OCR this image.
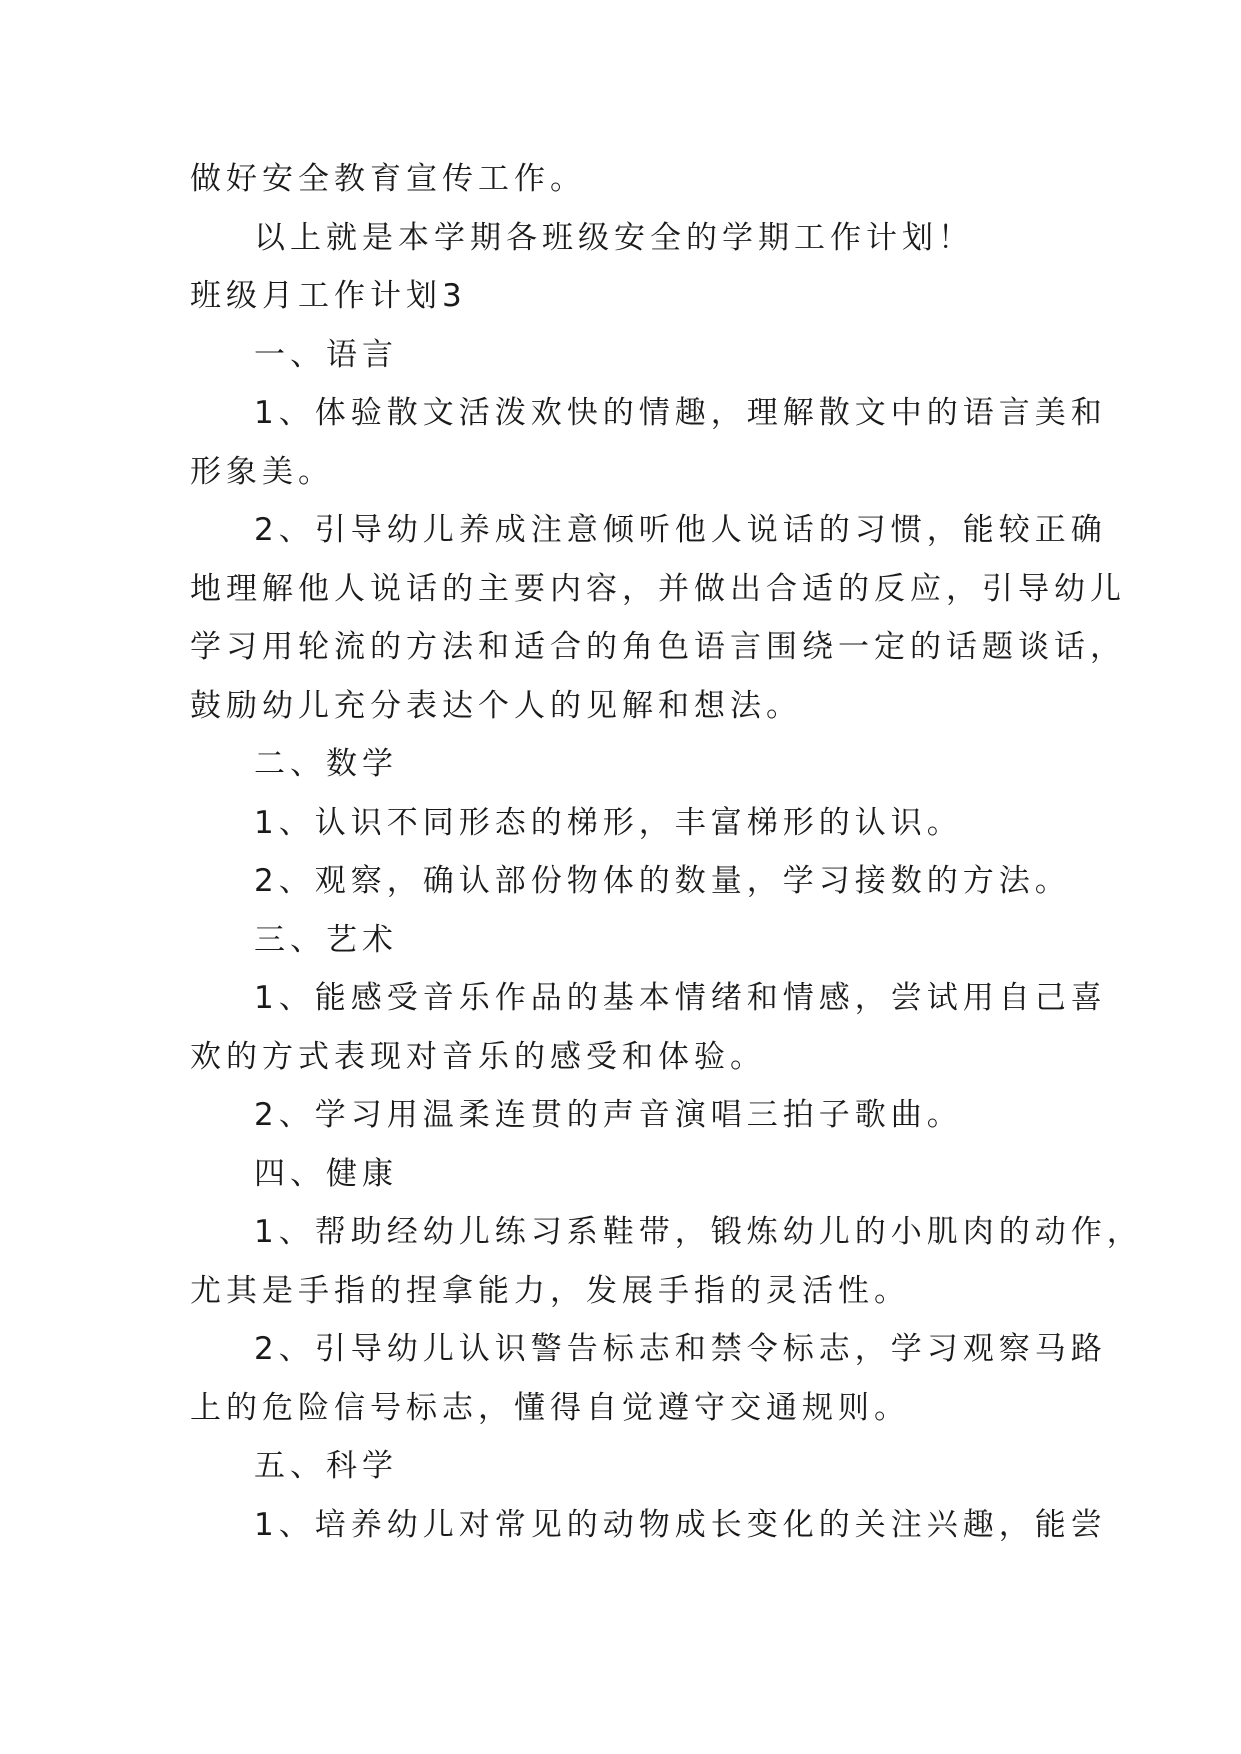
做好安全教育宣传工作。
以上就是本学期各班级安全的学期工作计划！
班级月工作计划3
一、语言
1、体验散文活泼欢快的情趣，理解散文中的语言美和
形象美。
2、引导幼儿养成注意倾听他人说话的习惯，能较正确
地理解他人说话的主要内容，并做出合适的反应，引导幼儿
学习用轮流的方法和适合的角色语言围绕一定的话题谈话，
鼓励幼儿充分表达个人的见解和想法。
二、数学
1、认识不同形态的梯形，丰富梯形的认识。
2、观察，确认部份物体的数量，学习接数的方法。
三、艺术
1、能感受音乐作品的基本情绪和情感，尝试用自己喜
欢的方式表现对音乐的感受和体验。
2、学习用温柔连贯的声音演唱三拍子歌曲。
四、健康
1、帮助经幼儿练习系鞋带，锻炼幼儿的小肌肉的动作，
尤其是手指的捏拿能力，发展手指的灵活性。
2、引导幼儿认识警告标志和禁令标志，学习观察马路
上的危险信号标志，懂得自觉遵守交通规则。
五、科学
1、培养幼儿对常见的动物成长变化的关注兴趣，能尝
